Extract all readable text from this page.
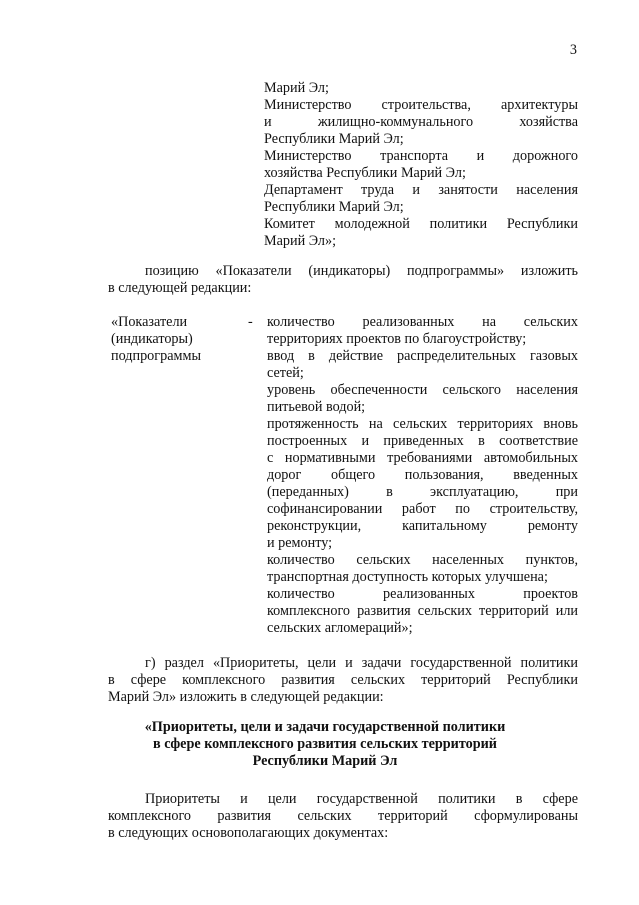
3
Марий Эл;
Министерство строительства, архитектуры
и жилищно-коммунального хозяйства
Республики Марий Эл;
Министерство транспорта и дорожного
хозяйства Республики Марий Эл;
Департамент труда и занятости населения
Республики Марий Эл;
Комитет молодежной политики Республики
Марий Эл»;
позицию «Показатели (индикаторы) подпрограммы» изложить
в следующей редакции:
«Показатели
(индикаторы)
подпрограммы
- количество реализованных на сельских
территориях проектов по благоустройству;
ввод в действие распределительных газовых
сетей;
уровень обеспеченности сельского населения
питьевой водой;
протяженность на сельских территориях вновь
построенных и приведенных в соответствие
с нормативными требованиями автомобильных
дорог общего пользования, введенных
(переданных) в эксплуатацию, при
софинансировании работ по строительству,
реконструкции, капитальному ремонту
и ремонту;
количество сельских населенных пунктов,
транспортная доступность которых улучшена;
количество реализованных проектов
комплексного развития сельских территорий или
сельских агломераций»;
г) раздел «Приоритеты, цели и задачи государственной политики
в сфере комплексного развития сельских территорий Республики
Марий Эл» изложить в следующей редакции:
«Приоритеты, цели и задачи государственной политики
в сфере комплексного развития сельских территорий
Республики Марий Эл
Приоритеты и цели государственной политики в сфере
комплексного развития сельских территорий сформулированы
в следующих основополагающих документах:
